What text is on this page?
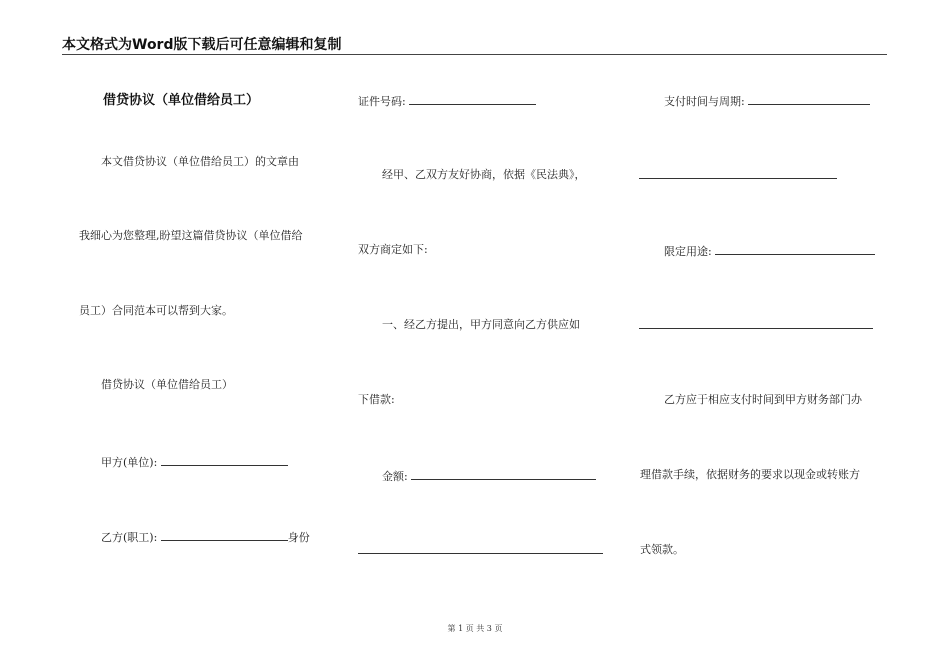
本文格式为Word版下载后可任意编辑和复制
借贷协议（单位借给员工）
本文借贷协议（单位借给员工）的文章由
我细心为您整理,盼望这篇借贷协议（单位借给
员工）合同范本可以帮到大家。
借贷协议（单位借给员工）
甲方(单位):
乙方(职工):	身份
证件号码:
经甲、乙双方友好协商，依据《民法典》，
双方商定如下:
一、经乙方提出，甲方同意向乙方供应如
下借款:
金额:
支付时间与周期:
限定用途:
乙方应于相应支付时间到甲方财务部门办
理借款手续，依据财务的要求以现金或转账方
式领款。
第 1 页 共 3 页
